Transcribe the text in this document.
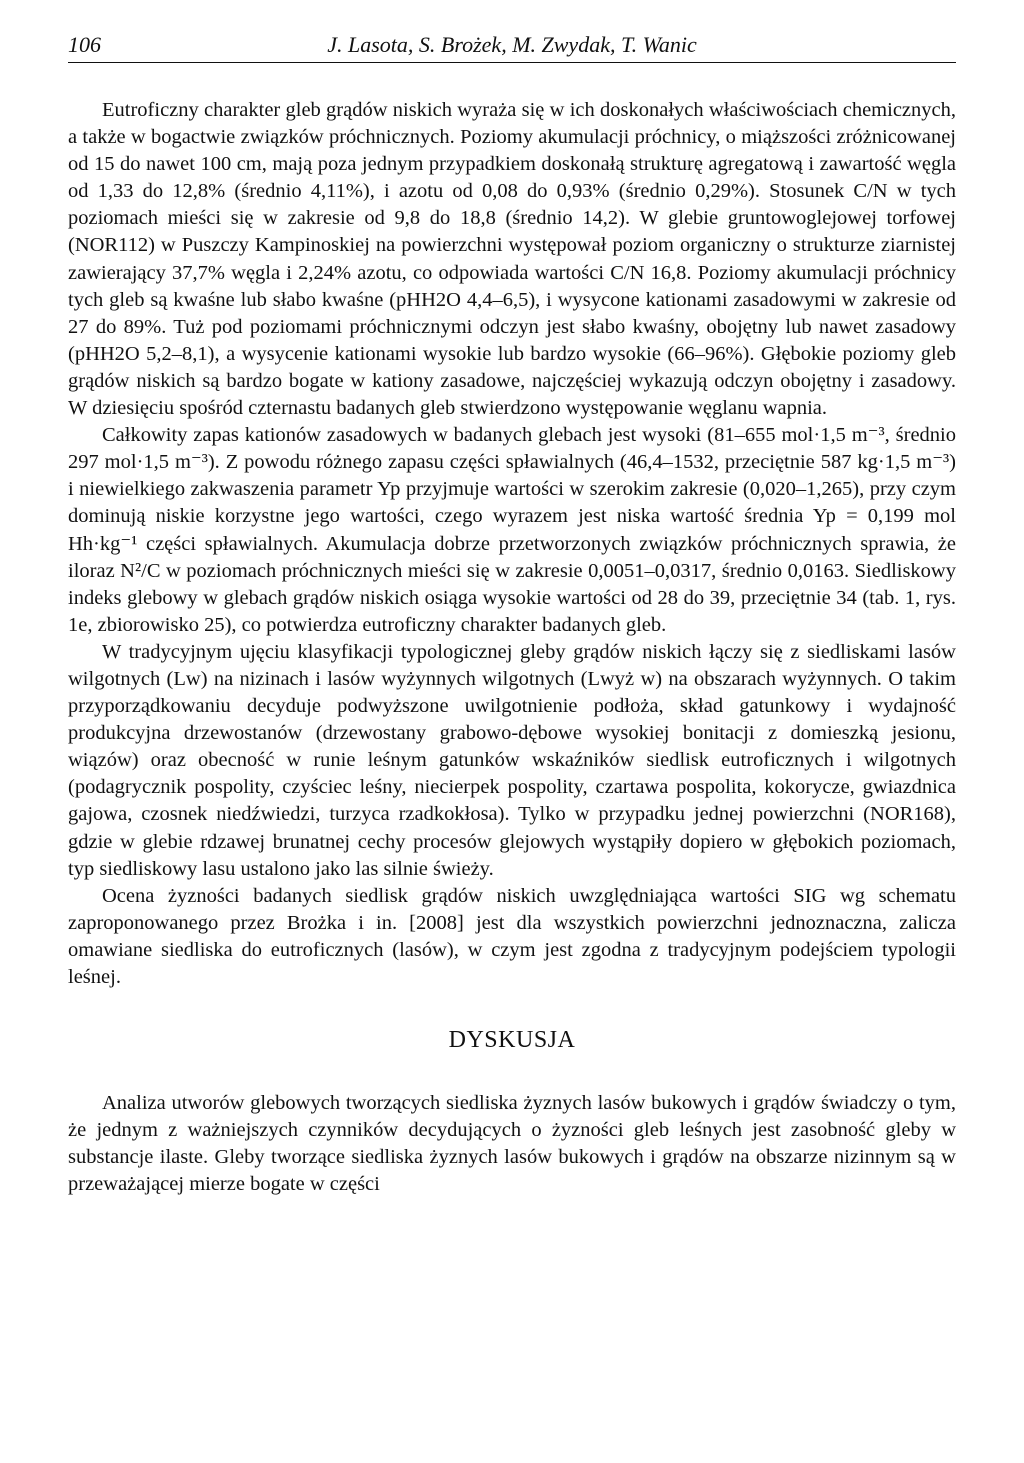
106	J. Lasota, S. Brożek, M. Zwydak, T. Wanic

Eutroficzny charakter gleb grądów niskich wyraża się w ich doskonałych właściwościach chemicznych, a także w bogactwie związków próchnicznych. Poziomy akumulacji próchnicy, o miąższości zróżnicowanej od 15 do nawet 100 cm, mają poza jednym przypadkiem doskonałą strukturę agregatową i zawartość węgla od 1,33 do 12,8% (średnio 4,11%), i azotu od 0,08 do 0,93% (średnio 0,29%). Stosunek C/N w tych poziomach mieści się w zakresie od 9,8 do 18,8 (średnio 14,2). W glebie gruntowoglejowej torfowej (NOR112) w Puszczy Kampinoskiej na powierzchni występował poziom organiczny o strukturze ziarnistej zawierający 37,7% węgla i 2,24% azotu, co odpowiada wartości C/N 16,8. Poziomy akumulacji próchnicy tych gleb są kwaśne lub słabo kwaśne (pHH2O 4,4–6,5), i wysycone kationami zasadowymi w zakresie od 27 do 89%. Tuż pod poziomami próchnicznymi odczyn jest słabo kwaśny, obojętny lub nawet zasadowy (pHH2O 5,2–8,1), a wysycenie kationami wysokie lub bardzo wysokie (66–96%). Głębokie poziomy gleb grądów niskich są bardzo bogate w kationy zasadowe, najczęściej wykazują odczyn obojętny i zasadowy. W dziesięciu spośród czternastu badanych gleb stwierdzono występowanie węglanu wapnia.

Całkowity zapas kationów zasadowych w badanych glebach jest wysoki (81–655 mol·1,5 m⁻³, średnio 297 mol·1,5 m⁻³). Z powodu różnego zapasu części spławialnych (46,4–1532, przeciętnie 587 kg·1,5 m⁻³) i niewielkiego zakwaszenia parametr Yp przyjmuje wartości w szerokim zakresie (0,020–1,265), przy czym dominują niskie korzystne jego wartości, czego wyrazem jest niska wartość średnia Yp = 0,199 mol Hh·kg⁻¹ części spławialnych. Akumulacja dobrze przetworzonych związków próchnicznych sprawia, że iloraz N²/C w poziomach próchnicznych mieści się w zakresie 0,0051–0,0317, średnio 0,0163. Siedliskowy indeks glebowy w glebach grądów niskich osiąga wysokie wartości od 28 do 39, przeciętnie 34 (tab. 1, rys. 1e, zbiorowisko 25), co potwierdza eutroficzny charakter badanych gleb.

W tradycyjnym ujęciu klasyfikacji typologicznej gleby grądów niskich łączy się z siedliskami lasów wilgotnych (Lw) na nizinach i lasów wyżynnych wilgotnych (Lwyż w) na obszarach wyżynnych. O takim przyporządkowaniu decyduje podwyższone uwilgotnienie podłoża, skład gatunkowy i wydajność produkcyjna drzewostanów (drzewostany grabowo-dębowe wysokiej bonitacji z domieszką jesionu, wiązów) oraz obecność w runie leśnym gatunków wskaźników siedlisk eutroficznych i wilgotnych (podagrycznik pospolity, czyściec leśny, niecierpek pospolity, czartawa pospolita, kokorycze, gwiazdnica gajowa, czosnek niedźwiedzi, turzyca rzadkokłosa). Tylko w przypadku jednej powierzchni (NOR168), gdzie w glebie rdzawej brunatnej cechy procesów glejowych wystąpiły dopiero w głębokich poziomach, typ siedliskowy lasu ustalono jako las silnie świeży.

Ocena żyzności badanych siedlisk grądów niskich uwzględniająca wartości SIG wg schematu zaproponowanego przez Brożka i in. [2008] jest dla wszystkich powierzchni jednoznaczna, zalicza omawiane siedliska do eutroficznych (lasów), w czym jest zgodna z tradycyjnym podejściem typologii leśnej.

DYSKUSJA

Analiza utworów glebowych tworzących siedliska żyznych lasów bukowych i grądów świadczy o tym, że jednym z ważniejszych czynników decydujących o żyzności gleb leśnych jest zasobność gleby w substancje ilaste. Gleby tworzące siedliska żyznych lasów bukowych i grądów na obszarze nizinnym są w przeważającej mierze bogate w części
